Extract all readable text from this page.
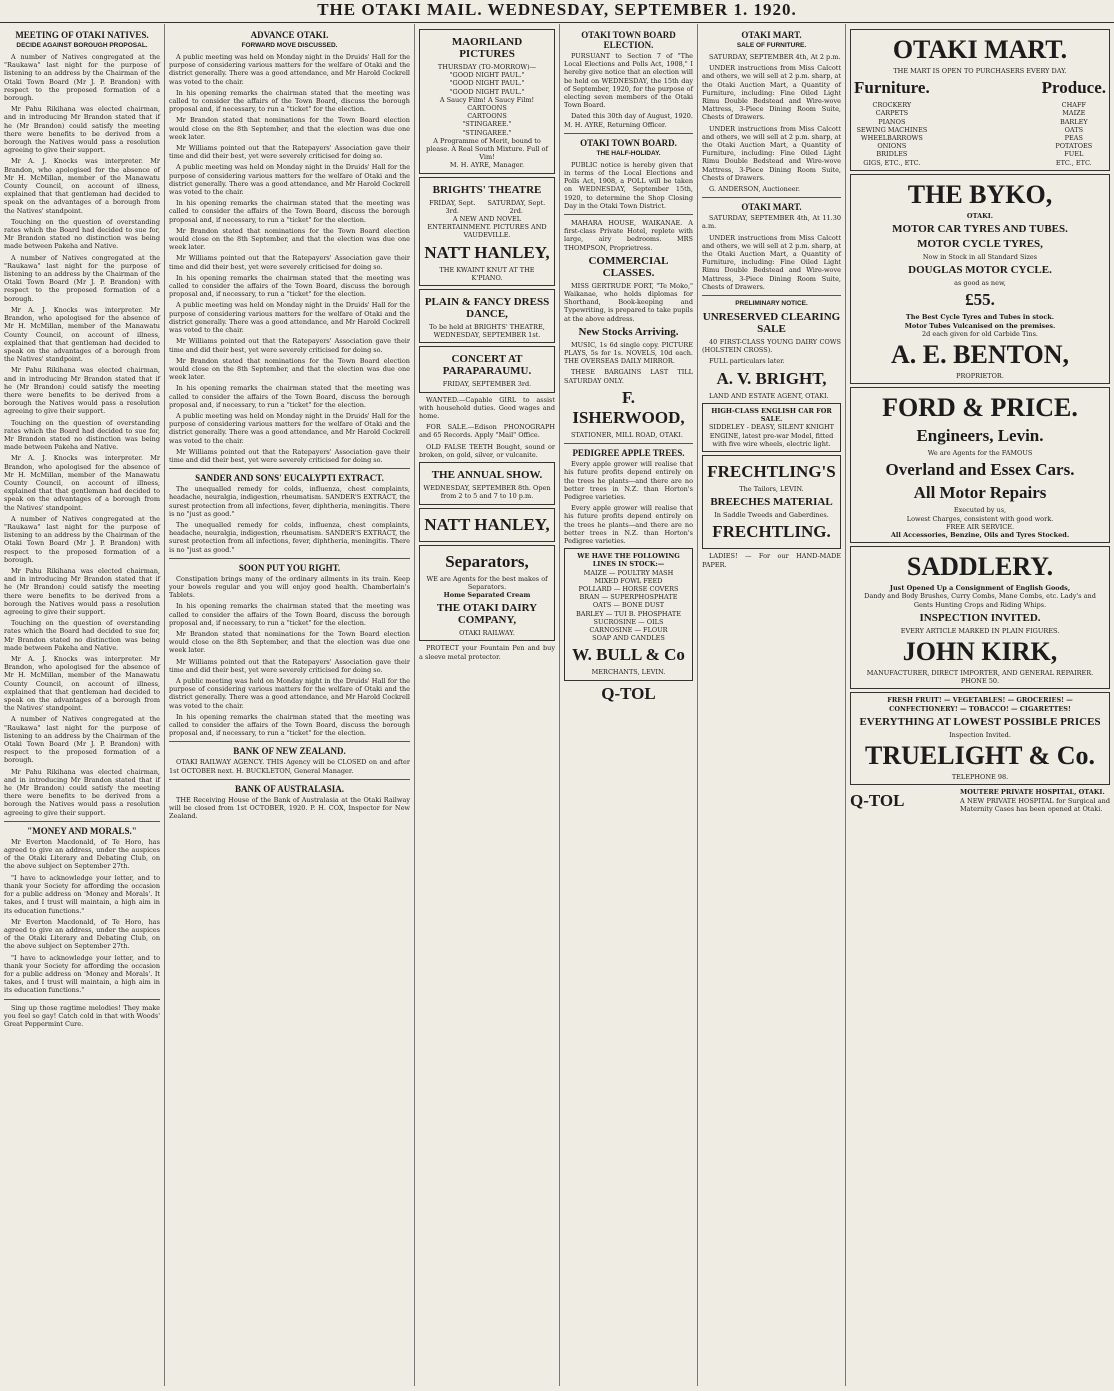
THE OTAKI MAIL. WEDNESDAY, SEPTEMBER 1. 1920.
MEETING OF OTAKI NATIVES.
DECIDE AGAINST BOROUGH PROPOSAL.

A number of Natives congregated at the "Raukawa" last night for the purpose of listening to an address by the Chairman of the Otaki Town Board (Mr J. P. Brandon) with respect to the proposed formation of a borough.

Mr Pahu Rikihana was elected chairman, and in introducing Mr Brandon stated that if he (Mr Brandon) could satisfy the meeting there were benefits to be derived from a borough the Natives would pass a resolution agreeing to give their support.

Mr A. J. Knocks was interpreter. Mr Brandon, who apologised for the absence of Mr H. McMillan, member of the Manawatu County Council, on account of illness, explained that that gentleman had decided to speak on the advantages of a borough from the Natives' standpoint.

Touching on the question of overstanding rates which the Board had decided to sue for, Mr Brandon stated no distinction was being made between Pakeha and Native.

A number of Natives congregated at the "Raukawa" last night for the purpose of listening to an address by the Chairman of the Otaki Town Board (Mr J. P. Brandon) with respect to the proposed formation of a borough.

Mr A. J. Knocks was interpreter. Mr Brandon, who apologised for the absence of Mr H. McMillan, member of the Manawatu County Council, on account of illness, explained that that gentleman had decided to speak on the advantages of a borough from the Natives' standpoint.

Mr Pahu Rikihana was elected chairman, and in introducing Mr Brandon stated that if he (Mr Brandon) could satisfy the meeting there were benefits to be derived from a borough the Natives would pass a resolution agreeing to give their support.

Touching on the question of overstanding rates which the Board had decided to sue for, Mr Brandon stated no distinction was being made between Pakeha and Native.

Mr A. J. Knocks was interpreter. Mr Brandon, who apologised for the absence of Mr H. McMillan, member of the Manawatu County Council, on account of illness, explained that that gentleman had decided to speak on the advantages of a borough from the Natives' standpoint.

A number of Natives congregated at the "Raukawa" last night for the purpose of listening to an address by the Chairman of the Otaki Town Board (Mr J. P. Brandon) with respect to the proposed formation of a borough.

Mr Pahu Rikihana was elected chairman, and in introducing Mr Brandon stated that if he (Mr Brandon) could satisfy the meeting there were benefits to be derived from a borough the Natives would pass a resolution agreeing to give their support.

Touching on the question of overstanding rates which the Board had decided to sue for, Mr Brandon stated no distinction was being made between Pakeha and Native.

Mr A. J. Knocks was interpreter. Mr Brandon, who apologised for the absence of Mr H. McMillan, member of the Manawatu County Council, on account of illness, explained that that gentleman had decided to speak on the advantages of a borough from the Natives' standpoint.

A number of Natives congregated at the "Raukawa" last night for the purpose of listening to an address by the Chairman of the Otaki Town Board (Mr J. P. Brandon) with respect to the proposed formation of a borough.

Mr Pahu Rikihana was elected chairman, and in introducing Mr Brandon stated that if he (Mr Brandon) could satisfy the meeting there were benefits to be derived from a borough the Natives would pass a resolution agreeing to give their support.

"MONEY AND MORALS."

Mr Everton Macdonald, of Te Horo, has agreed to give an address, under the auspices of the Otaki Literary and Debating Club, on the above subject on September 27th.

"I have to acknowledge your letter, and to thank your Society for affording the occasion for a public address on 'Money and Morals'. It takes, and I trust will maintain, a high aim in its education functions."

Mr Everton Macdonald, of Te Horo, has agreed to give an address, under the auspices of the Otaki Literary and Debating Club, on the above subject on September 27th.

"I have to acknowledge your letter, and to thank your Society for affording the occasion for a public address on 'Money and Morals'. It takes, and I trust will maintain, a high aim in its education functions."

Sing up those ragtime melodies! They make you feel so gay! Catch cold in that with Woods' Great Peppermint Cure.

ADVANCE OTAKI.
FORWARD MOVE DISCUSSED.

A public meeting was held on Monday night in the Druids' Hall for the purpose of considering various matters for the welfare of Otaki and the district generally. There was a good attendance, and Mr Harold Cockrell was voted to the chair.

In his opening remarks the chairman stated that the meeting was called to consider the affairs of the Town Board, discuss the borough proposal and, if necessary, to run a "ticket" for the election.

Mr Brandon stated that nominations for the Town Board election would close on the 8th September, and that the election was due one week later.

Mr Williams pointed out that the Ratepayers' Association gave their time and did their best, yet were severely criticised for doing so.

A public meeting was held on Monday night in the Druids' Hall for the purpose of considering various matters for the welfare of Otaki and the district generally. There was a good attendance, and Mr Harold Cockrell was voted to the chair.

In his opening remarks the chairman stated that the meeting was called to consider the affairs of the Town Board, discuss the borough proposal and, if necessary, to run a "ticket" for the election.

Mr Brandon stated that nominations for the Town Board election would close on the 8th September, and that the election was due one week later.

Mr Williams pointed out that the Ratepayers' Association gave their time and did their best, yet were severely criticised for doing so.

In his opening remarks the chairman stated that the meeting was called to consider the affairs of the Town Board, discuss the borough proposal and, if necessary, to run a "ticket" for the election.

A public meeting was held on Monday night in the Druids' Hall for the purpose of considering various matters for the welfare of Otaki and the district generally. There was a good attendance, and Mr Harold Cockrell was voted to the chair.

Mr Williams pointed out that the Ratepayers' Association gave their time and did their best, yet were severely criticised for doing so.

Mr Brandon stated that nominations for the Town Board election would close on the 8th September, and that the election was due one week later.

In his opening remarks the chairman stated that the meeting was called to consider the affairs of the Town Board, discuss the borough proposal and, if necessary, to run a "ticket" for the election.

A public meeting was held on Monday night in the Druids' Hall for the purpose of considering various matters for the welfare of Otaki and the district generally. There was a good attendance, and Mr Harold Cockrell was voted to the chair.

Mr Williams pointed out that the Ratepayers' Association gave their time and did their best, yet were severely criticised for doing so.

SANDER AND SONS' EUCALYPTI EXTRACT.

The unequalled remedy for colds, influenza, chest complaints, headache, neuralgia, indigestion, rheumatism. SANDER'S EXTRACT, the surest protection from all infections, fever, diphtheria, meningitis. There is no "just as good."

The unequalled remedy for colds, influenza, chest complaints, headache, neuralgia, indigestion, rheumatism. SANDER'S EXTRACT, the surest protection from all infections, fever, diphtheria, meningitis. There is no "just as good."

SOON PUT YOU RIGHT.

Constipation brings many of the ordinary ailments in its train. Keep your bowels regular and you will enjoy good health. Chamberlain's Tablets.

In his opening remarks the chairman stated that the meeting was called to consider the affairs of the Town Board, discuss the borough proposal and, if necessary, to run a "ticket" for the election.

Mr Brandon stated that nominations for the Town Board election would close on the 8th September, and that the election was due one week later.

Mr Williams pointed out that the Ratepayers' Association gave their time and did their best, yet were severely criticised for doing so.

A public meeting was held on Monday night in the Druids' Hall for the purpose of considering various matters for the welfare of Otaki and the district generally. There was a good attendance, and Mr Harold Cockrell was voted to the chair.

In his opening remarks the chairman stated that the meeting was called to consider the affairs of the Town Board, discuss the borough proposal and, if necessary, to run a "ticket" for the election.

BANK OF NEW ZEALAND.

OTAKI RAILWAY AGENCY. THIS Agency will be CLOSED on and after 1st OCTOBER next. H. BUCKLETON, General Manager.

BANK OF AUSTRALASIA.

THE Receiving House of the Bank of Australasia at the Otaki Railway will be closed from 1st OCTOBER, 1920. P. H. COX, Inspector for New Zealand.

MAORILAND PICTURES
THURSDAY (TO-MORROW)—
"GOOD NIGHT PAUL."
"GOOD NIGHT PAUL."
"GOOD NIGHT PAUL."
A Saucy Film! A Saucy Film!
CARTOONS
CARTOONS
"STINGAREE."
"STINGAREE."
A Programme of Merit, bound to please. A Real South Mixture. Full of Vim!
M. H. AYRE, Manager.
BRIGHTS' THEATRE
FRIDAY, Sept. 3rd.
SATURDAY, Sept. 2rd.
A NEW AND NOVEL ENTERTAINMENT. PICTURES AND VAUDEVILLE.
NATT HANLEY,
THE KWAINT KNUT AT THE K'PIANO.
PLAIN & FANCY DRESS DANCE,
To be held at BRIGHTS' THEATRE, WEDNESDAY, SEPTEMBER 1st.
CONCERT AT PARAPARAUMU.
FRIDAY, SEPTEMBER 3rd.

WANTED.—Capable GIRL to assist with household duties. Good wages and home.

FOR SALE.—Edison PHONOGRAPH and 65 Records. Apply "Mail" Office.

OLD FALSE TEETH Bought, sound or broken, on gold, silver, or vulcanite.

THE ANNUAL SHOW.
WEDNESDAY, SEPTEMBER 8th. Open from 2 to 5 and 7 to 10 p.m.
NATT HANLEY,
Separators,
WE are Agents for the best makes of Separators.
Home Separated Cream
THE OTAKI DAIRY COMPANY,
OTAKI RAILWAY.

PROTECT your Fountain Pen and buy a sleeve metal protector.

OTAKI TOWN BOARD ELECTION.

PURSUANT to Section 7 of "The Local Elections and Polls Act, 1908," I hereby give notice that an election will be held on WEDNESDAY, the 15th day of September, 1920, for the purpose of electing seven members of the Otaki Town Board.

Dated this 30th day of August, 1920. M. H. AYRE, Returning Officer.

OTAKI TOWN BOARD.
THE HALF-HOLIDAY.

PUBLIC notice is hereby given that in terms of the Local Elections and Polls Act, 1908, a POLL will be taken on WEDNESDAY, September 15th, 1920, to determine the Shop Closing Day in the Otaki Town District.

MAHARA HOUSE, WAIKANAE. A first-class Private Hotel, replete with large, airy bedrooms. MRS THOMPSON, Proprietress.

COMMERCIAL CLASSES.

MISS GERTRUDE FORT, "Te Moko," Waikanae, who holds diplomas for Shorthand, Book-keeping and Typewriting, is prepared to take pupils at the above address.

New Stocks Arriving.

MUSIC, 1s 6d single copy. PICTURE PLAYS, 5s for 1s. NOVELS, 10d each. THE OVERSEAS DAILY MIRROR.

THESE BARGAINS LAST TILL SATURDAY ONLY.

F. ISHERWOOD,

STATIONER, MILL ROAD, OTAKI.

PEDIGREE APPLE TREES.

Every apple grower will realise that his future profits depend entirely on the trees he plants—and there are no better trees in N.Z. than Horton's Pedigree varieties.

Every apple grower will realise that his future profits depend entirely on the trees he plants—and there are no better trees in N.Z. than Horton's Pedigree varieties.

WE HAVE THE FOLLOWING LINES IN STOCK:—
MAIZE — POULTRY MASH
MIXED FOWL FEED
POLLARD — HORSE COVERS
BRAN — SUPERPHOSPHATE
OATS — BONE DUST
BARLEY — TUI B. PHOSPHATE
SUCROSINE — OILS
CARNOSINE — FLOUR
SOAP AND CANDLES
W. BULL & Co
MERCHANTS, LEVIN.
Q-TOL
OTAKI MART.
SALE OF FURNITURE.

SATURDAY, SEPTEMBER 4th, At 2 p.m.

UNDER instructions from Miss Calcott and others, we will sell at 2 p.m. sharp, at the Otaki Auction Mart, a Quantity of Furniture, including: Fine Oiled Light Rimu Double Bedstead and Wire-wove Mattress, 3-Piece Dining Room Suite, Chests of Drawers.

UNDER instructions from Miss Calcott and others, we will sell at 2 p.m. sharp, at the Otaki Auction Mart, a Quantity of Furniture, including: Fine Oiled Light Rimu Double Bedstead and Wire-wove Mattress, 3-Piece Dining Room Suite, Chests of Drawers.

G. ANDERSON, Auctioneer.

OTAKI MART.

SATURDAY, SEPTEMBER 4th, At 11.30 a.m.

UNDER instructions from Miss Calcott and others, we will sell at 2 p.m. sharp, at the Otaki Auction Mart, a Quantity of Furniture, including: Fine Oiled Light Rimu Double Bedstead and Wire-wove Mattress, 3-Piece Dining Room Suite, Chests of Drawers.

PRELIMINARY NOTICE.
UNRESERVED CLEARING SALE

40 FIRST-CLASS YOUNG DAIRY COWS (HOLSTEIN CROSS).

FULL particulars later.

A. V. BRIGHT,

LAND AND ESTATE AGENT, OTAKI.

HIGH-CLASS ENGLISH CAR FOR SALE.
SIDDELEY - DEASY, SILENT KNIGHT ENGINE, latest pre-war Model, fitted with five wire wheels, electric light.
FRECHTLING'S
The Tailors, LEVIN.
BREECHES MATERIAL
In Saddle Tweeds and Gaberdines.
FRECHTLING.

LADIES! — For our HAND-MADE PAPER.

OTAKI MART.
THE MART IS OPEN TO PURCHASERS EVERY DAY.
Furniture.
CROCKERY
CARPETS
PIANOS
SEWING MACHINES
WHEELBARROWS
ONIONS
BRIDLES
GIGS, ETC., ETC.
Produce.
CHAFF
MAIZE
BARLEY
OATS
PEAS
POTATOES
FUEL
ETC., ETC.
THE BYKO,
OTAKI.
MOTOR CAR TYRES AND TUBES.
MOTOR CYCLE TYRES,
Now in Stock in all Standard Sizes
DOUGLAS MOTOR CYCLE.
as good as new,
£55.
The Best Cycle Tyres and Tubes in stock.
Motor Tubes Vulcanised on the premises.
2d each given for old Carbide Tins.
A. E. BENTON,
PROPRIETOR.
FORD & PRICE.
Engineers, Levin.
We are Agents for the FAMOUS
Overland and Essex Cars.
All Motor Repairs
Executed by us,
Lowest Charges, consistent with good work.
FREE AIR SERVICE.
All Accessories, Benzine, Oils and Tyres Stocked.
SADDLERY.
Just Opened Up a Consignment of English Goods,
Dandy and Body Brushes, Curry Combs, Mane Combs, etc. Lady's and Gents Hunting Crops and Riding Whips.
INSPECTION INVITED.
EVERY ARTICLE MARKED IN PLAIN FIGURES.
JOHN KIRK,
MANUFACTURER, DIRECT IMPORTER, AND GENERAL REPAIRER. PHONE 50.
FRESH FRUIT! — VEGETABLES! — GROCERIES! — CONFECTIONERY! — TOBACCO! — CIGARETTES!
EVERYTHING AT LOWEST POSSIBLE PRICES
Inspection Invited.
TRUELIGHT & Co.
TELEPHONE 98.
Q-TOL	MOUTERE PRIVATE HOSPITAL, OTAKI.
A NEW PRIVATE HOSPITAL for Surgical and Maternity Cases has been opened at Otaki.
